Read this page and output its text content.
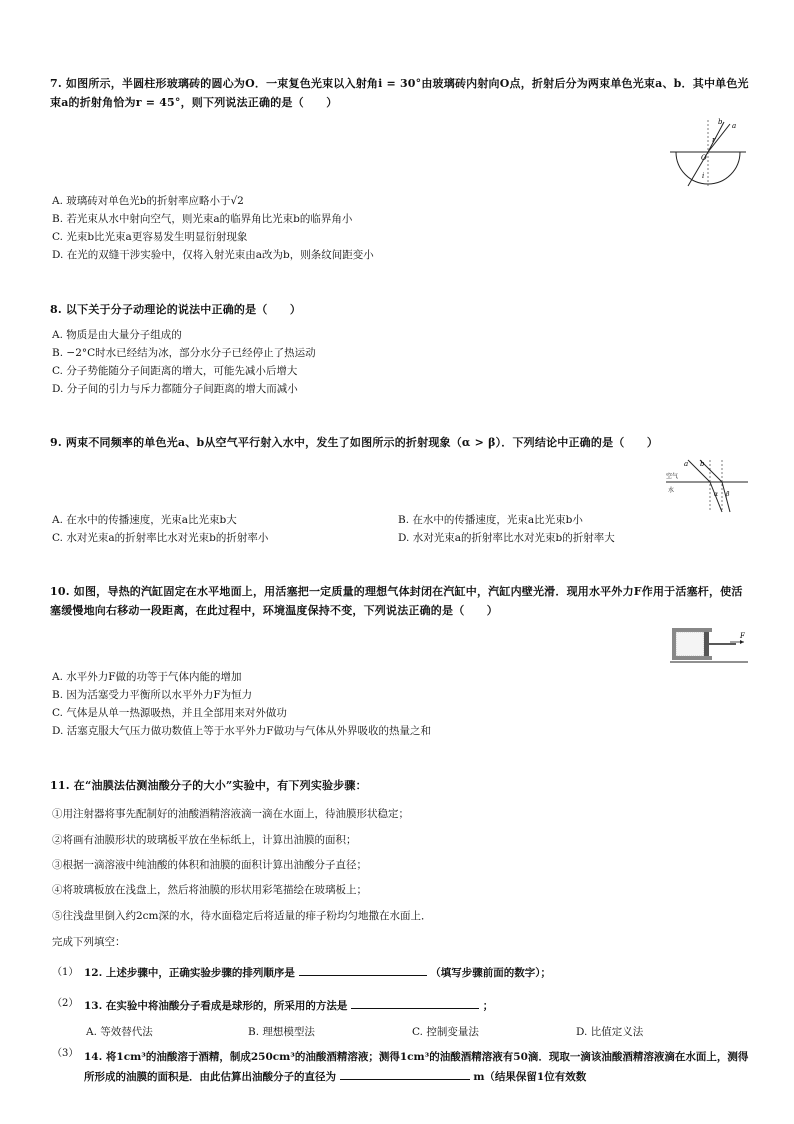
7. 如图所示，半圆柱形玻璃砖的圆心为O．一束复色光束以入射角i = 30°由玻璃砖内射向O点，折射后分为两束单色光束a、b．其中单色光束a的折射角恰为r = 45°，则下列说法正确的是（　　）
a
b
O
i
r
A. 玻璃砖对单色光b的折射率应略小于√2
B. 若光束从水中射向空气，则光束a的临界角比光束b的临界角小
C. 光束b比光束a更容易发生明显衍射现象
D. 在光的双缝干涉实验中，仅将入射光束由a改为b，则条纹间距变小
8. 以下关于分子动理论的说法中正确的是（　　）
A. 物质是由大量分子组成的
B. −2°C时水已经结为冰，部分水分子已经停止了热运动
C. 分子势能随分子间距离的增大，可能先减小后增大
D. 分子间的引力与斥力都随分子间距离的增大而减小
9. 两束不同频率的单色光a、b从空气平行射入水中，发生了如图所示的折射现象（α > β）．下列结论中正确的是（　　）
a b
空气
水
α β
A. 在水中的传播速度，光束a比光束b大	B. 在水中的传播速度，光束a比光束b小
C. 水对光束a的折射率比水对光束b的折射率小	D. 水对光束a的折射率比水对光束b的折射率大
10. 如图，导热的汽缸固定在水平地面上，用活塞把一定质量的理想气体封闭在汽缸中，汽缸内壁光滑．现用水平外力F作用于活塞杆，使活塞缓慢地向右移动一段距离，在此过程中，环境温度保持不变，下列说法正确的是（　　）
F
A. 水平外力F做的功等于气体内能的增加
B. 因为活塞受力平衡所以水平外力F为恒力
C. 气体是从单一热源吸热，并且全部用来对外做功
D. 活塞克服大气压力做功数值上等于水平外力F做功与气体从外界吸收的热量之和
11. 在“油膜法估测油酸分子的大小”实验中，有下列实验步骤：
①用注射器将事先配制好的油酸酒精溶液滴一滴在水面上，待油膜形状稳定；
②将画有油膜形状的玻璃板平放在坐标纸上，计算出油膜的面积；
③根据一滴溶液中纯油酸的体积和油膜的面积计算出油酸分子直径；
④将玻璃板放在浅盘上，然后将油膜的形状用彩笔描绘在玻璃板上；
⑤往浅盘里倒入约2cm深的水，待水面稳定后将适量的痱子粉均匀地撒在水面上．
完成下列填空：
（1） 12. 上述步骤中，正确实验步骤的排列顺序是	（填写步骤前面的数字）；
（2） 13. 在实验中将油酸分子看成是球形的，所采用的方法是	；
A. 等效替代法	B. 理想模型法	C. 控制变量法	D. 比值定义法
（3） 14. 将1cm³的油酸溶于酒精，制成250cm³的油酸酒精溶液；测得1cm³的油酸酒精溶液有50滴．现取一滴该油酸酒精溶液滴在水面上，测得所形成的油膜的面积是．由此估算出油酸分子的直径为	m（结果保留1位有效数
